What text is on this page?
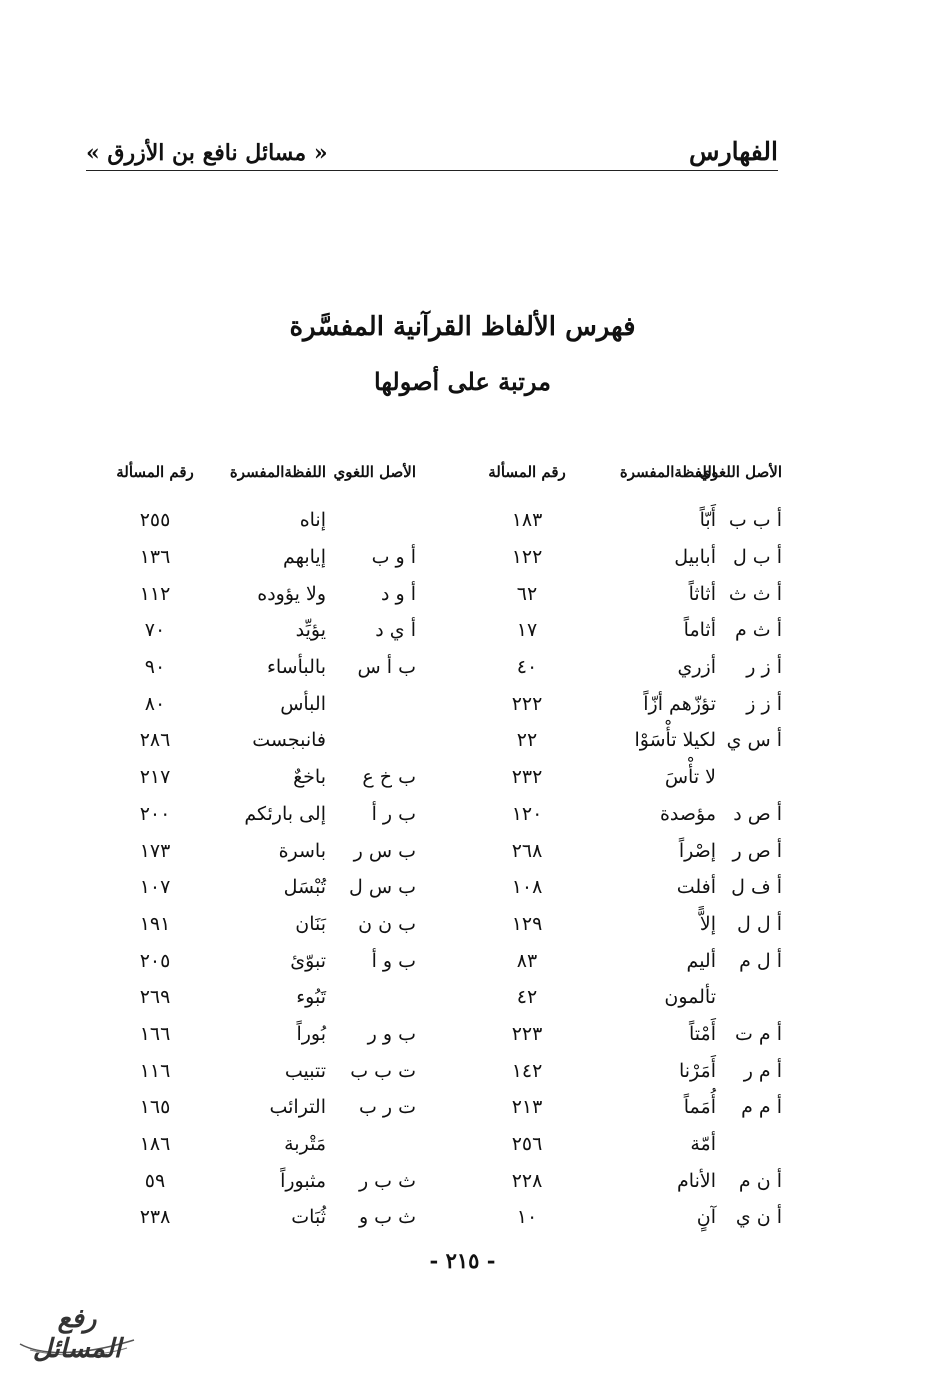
الفهارس
« مسائل نافع بن الأزرق »
فهرس الألفاظ القرآنية المفسَّرة
مرتبة على أصولها
الأصل اللغوي	اللفظةالمفسرة	رقم المسألة		الأصل اللغوي	اللفظةالمفسرة	رقم المسألة
أ ب ب	أَبّاً	١٨٣			إناه	٢٥٥
أ ب ل	أبابيل	١٢٢		أ و ب	إيابهم	١٣٦
أ ث ث	أثاثاً	٦٢		أ و د	ولا يؤوده	١١٢
أ ث م	أثاماً	١٧		أ ي د	يؤيِّد	٧٠
أ ز ر	أزري	٤٠		ب أ س	بالبأساء	٩٠
أ ز ز	تؤزّهم أزّاً	٢٢٢			البأس	٨٠
أ س ي	لكيلا تأْسَوْا	٢٢			فانبجست	٢٨٦
	لا تأْسَ	٢٣٢		ب خ ع	باخعٌ	٢١٧
أ ص د	مؤصدة	١٢٠		ب ر أ	إلى بارئكم	٢٠٠
أ ص ر	إصْراً	٢٦٨		ب س ر	باسرة	١٧٣
أ ف ل	أفلت	١٠٨		ب س ل	تُبْسَل	١٠٧
أ ل ل	إلاًّ	١٢٩		ب ن ن	بَنَان	١٩١
أ ل م	أليم	٨٣		ب و أ	تبوّئ	٢٠٥
	تألمون	٤٢			تَبُوء	٢٦٩
أ م ت	أَمْتاً	٢٢٣		ب و ر	بُوراً	١٦٦
أ م ر	أَمَرْنا	١٤٢		ت ب ب	تتبيب	١١٦
أ م م	أُمَماً	٢١٣		ت ر ب	الترائب	١٦٥
	أمّة	٢٥٦			مَتْربة	١٨٦
أ ن م	الأنام	٢٢٨		ث ب ر	مثبوراً	٥٩
أ ن ي	آنٍ	١٠		ث ب و	ثُبَات	٢٣٨
- ٢١٥ -
رفع المسائل
